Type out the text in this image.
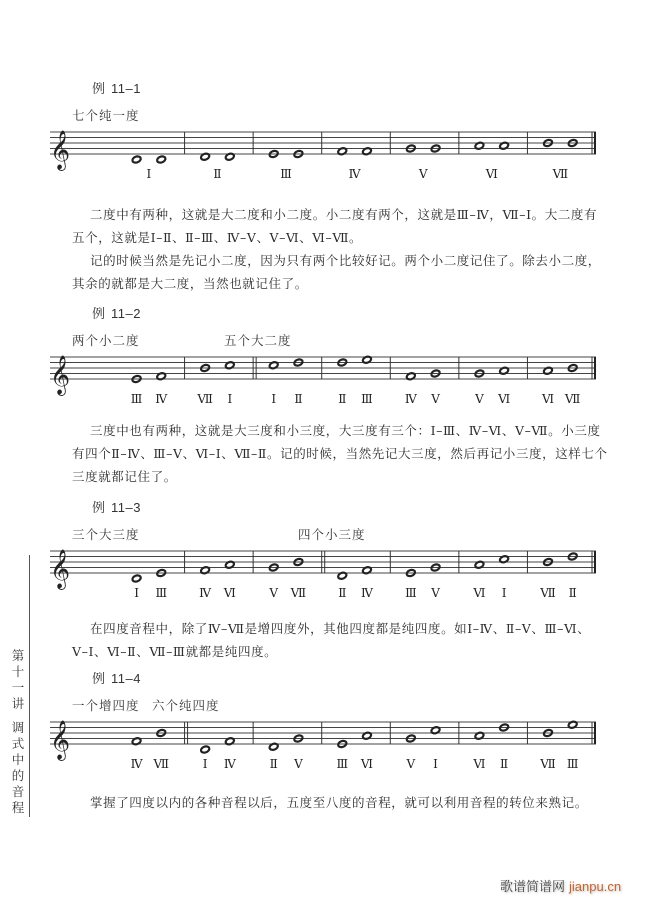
例 11–1
七个纯一度
𝄞
Ⅰ	Ⅱ	Ⅲ	Ⅳ	Ⅴ	Ⅵ	Ⅶ
二度中有两种，这就是大二度和小二度。小二度有两个，这就是Ⅲ–Ⅳ，Ⅶ–Ⅰ。大二度有
五个，这就是Ⅰ–Ⅱ、Ⅱ–Ⅲ、Ⅳ–Ⅴ、Ⅴ–Ⅵ、Ⅵ–Ⅶ。
记的时候当然是先记小二度，因为只有两个比较好记。两个小二度记住了。除去小二度，
其余的就都是大二度，当然也就记住了。
例 11–2
两个小二度	五个大二度
𝄞
Ⅲ Ⅳ	Ⅶ Ⅰ	Ⅰ Ⅱ	Ⅱ Ⅲ	Ⅳ Ⅴ	Ⅴ Ⅵ	Ⅵ Ⅶ
三度中也有两种，这就是大三度和小三度，大三度有三个：Ⅰ–Ⅲ、Ⅳ–Ⅵ、Ⅴ–Ⅶ。小三度
有四个Ⅱ–Ⅳ、Ⅲ–Ⅴ、Ⅵ–Ⅰ、Ⅶ–Ⅱ。记的时候，当然先记大三度，然后再记小三度，这样七个
三度就都记住了。
例 11–3
三个大三度	四个小三度
𝄞
Ⅰ Ⅲ	Ⅳ Ⅵ	Ⅴ Ⅶ	Ⅱ Ⅳ	Ⅲ Ⅴ	Ⅵ Ⅰ	Ⅶ Ⅱ
在四度音程中，除了Ⅳ–Ⅶ是增四度外，其他四度都是纯四度。如Ⅰ–Ⅳ、Ⅱ–Ⅴ、Ⅲ–Ⅵ、
Ⅴ–Ⅰ、Ⅵ–Ⅱ、Ⅶ–Ⅲ就都是纯四度。
例 11–4
一个增四度 六个纯四度
𝄞
Ⅳ Ⅶ	Ⅰ Ⅳ	Ⅱ Ⅴ	Ⅲ Ⅵ	Ⅴ Ⅰ	Ⅵ Ⅱ	Ⅶ Ⅲ
掌握了四度以内的各种音程以后，五度至八度的音程，就可以利用音程的转位来熟记。
第
十
一
讲
调
式
中
的
音
程
歌谱简谱网 jianpu.cn
